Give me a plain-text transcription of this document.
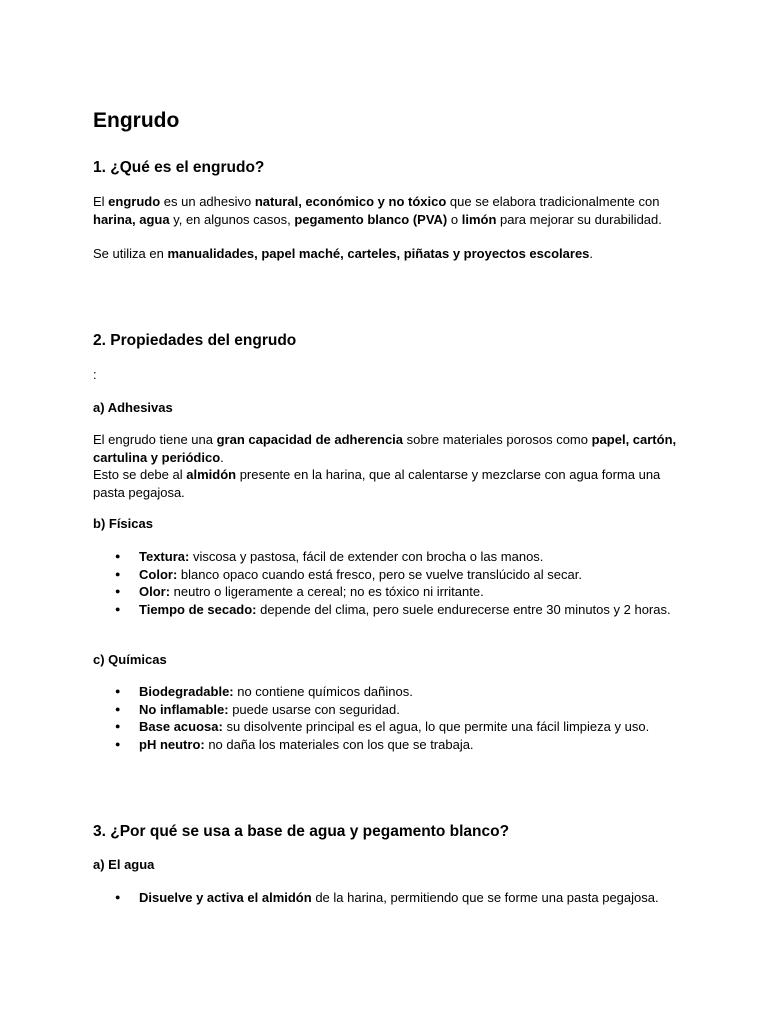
Engrudo
1. ¿Qué es el engrudo?

El engrudo es un adhesivo natural, económico y no tóxico que se elabora tradicionalmente con harina, agua y, en algunos casos, pegamento blanco (PVA) o limón para mejorar su durabilidad.

Se utiliza en manualidades, papel maché, carteles, piñatas y proyectos escolares.

2. Propiedades del engrudo

:

a) Adhesivas

El engrudo tiene una gran capacidad de adherencia sobre materiales porosos como papel, cartón, cartulina y periódico.

Esto se debe al almidón presente en la harina, que al calentarse y mezclarse con agua forma una pasta pegajosa.

b) Físicas
● Textura: viscosa y pastosa, fácil de extender con brocha o las manos.
● Color: blanco opaco cuando está fresco, pero se vuelve translúcido al secar.
● Olor: neutro o ligeramente a cereal; no es tóxico ni irritante.
● Tiempo de secado: depende del clima, pero suele endurecerse entre 30 minutos y 2 horas.
c) Químicas
● Biodegradable: no contiene químicos dañinos.
● No inflamable: puede usarse con seguridad.
● Base acuosa: su disolvente principal es el agua, lo que permite una fácil limpieza y uso.
● pH neutro: no daña los materiales con los que se trabaja.
3. ¿Por qué se usa a base de agua y pegamento blanco?
a) El agua
● Disuelve y activa el almidón de la harina, permitiendo que se forme una pasta pegajosa.
